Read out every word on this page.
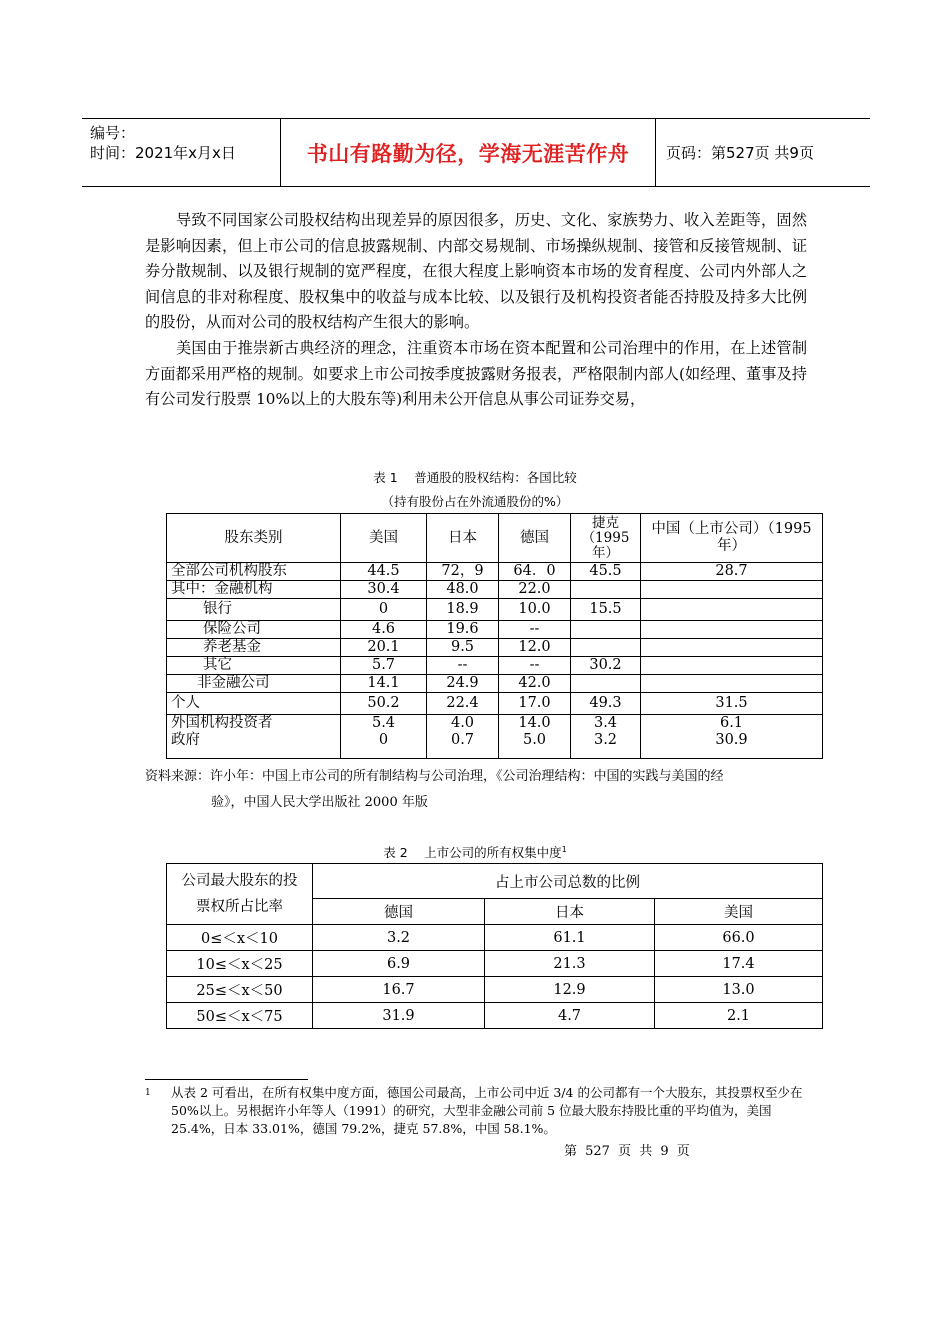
编号：
时间：2021年x月x日	书山有路勤为径，学海无涯苦作舟	页码：第527页 共9页

导致不同国家公司股权结构出现差异的原因很多，历史、文化、家族势力、收入差距等，固然是影响因素，但上市公司的信息披露规制、内部交易规制、市场操纵规制、接管和反接管规制、证券分散规制、以及银行规制的宽严程度，在很大程度上影响资本市场的发育程度、公司内外部人之间信息的非对称程度、股权集中的收益与成本比较、以及银行及机构投资者能否持股及持多大比例的股份，从而对公司的股权结构产生很大的影响。

美国由于推崇新古典经济的理念，注重资本市场在资本配置和公司治理中的作用，在上述管制方面都采用严格的规制。如要求上市公司按季度披露财务报表，严格限制内部人(如经理、董事及持有公司发行股票 10%以上的大股东等)利用未公开信息从事公司证券交易，

表 1　 普通股的股权结构：各国比较
（持有股份占在外流通股份的%）
股东类别	美国	日本	德国	捷克（1995年）	中国（上市公司）（1995 年）
全部公司机构股东	44.5	72，9	64．0	45.5	28.7
其中：金融机构	30.4	48.0	22.0		
银行	0	18.9	10.0	15.5	
保险公司	4.6	19.6	--		
养老基金	20.1	9.5	12.0		
其它	5.7	--	--	30.2	
非金融公司	14.1	24.9	42.0		
个人	50.2	22.4	17.0	49.3	31.5
外国机构投资者	5.4	4.0	14.0	3.4	6.1
政府	0	0.7	5.0	3.2	30.9
资料来源：许小年：中国上市公司的所有制结构与公司治理，《公司治理结构：中国的实践与美国的经
验》，中国人民大学出版社 2000 年版
表 2　 上市公司的所有权集中度$^1$
公司最大股东的投票权所占比率	占上市公司总数的比例		
	德国	日本	美国
0≤＜x＜10	3.2	61.1	66.0
10≤＜x＜25	6.9	21.3	17.4
25≤＜x＜50	16.7	12.9	13.0
50≤＜x＜75	31.9	4.7	2.1
1 从表 2 可看出，在所有权集中度方面，德国公司最高，上市公司中近 3/4 的公司都有一个大股东，其投票权至少在 50%以上。另根据许小年等人（1991）的研究，大型非金融公司前 5 位最大股东持股比重的平均值为，美国 25.4%，日本 33.01%，德国 79.2%，捷克 57.8%，中国 58.1%。
第 527 页 共 9 页
